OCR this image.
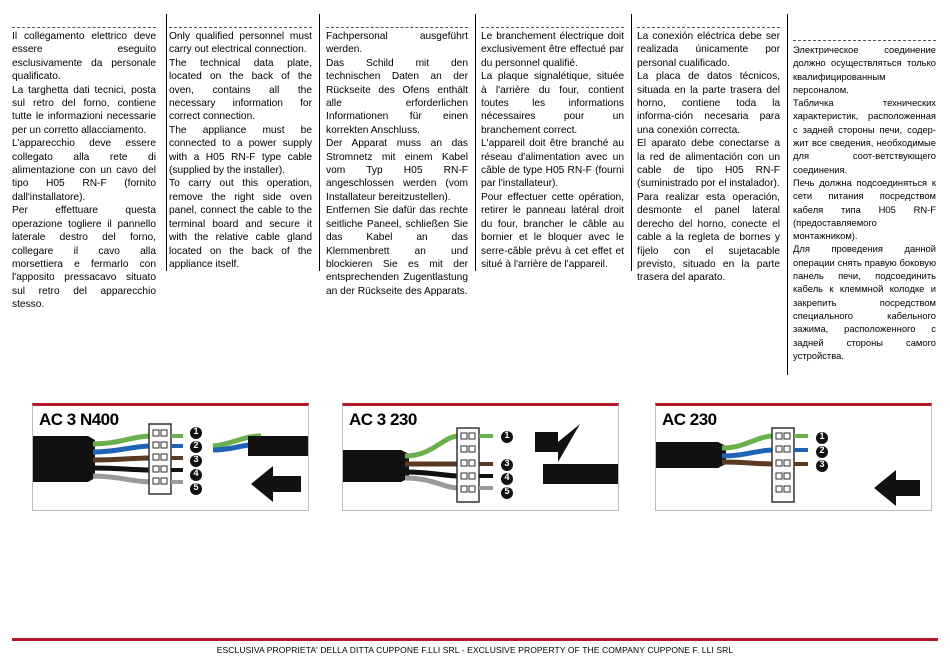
Il collegamento elettrico deve essere eseguito esclusivamente da personale qualificato.

La targhetta dati tecnici, posta sul retro del forno, contiene tutte le informazioni necessarie per un corretto allacciamento.

L’apparecchio deve essere collegato alla rete di alimentazione con un cavo del tipo H05 RN-F (fornito dall'installatore).

Per effettuare questa operazione togliere il pannello laterale destro del forno, collegare il cavo alla morsettiera e fermarlo con l'apposito pressacavo situato sul retro del apparecchio stesso.

Only qualified personnel must carry out electrical connection.

The technical data plate, located on the back of the oven, contains all the necessary information for correct connection.

The appliance must be connected to a power supply with a H05 RN-F type cable (supplied by the installer).

To carry out this operation, remove the right side oven panel, connect the cable to the terminal board and secure it with the relative cable gland located on the back of the appliance itself.

Fachpersonal ausgeführt werden.

Das Schild mit den technischen Daten an der Rückseite des Ofens enthält alle erforderlichen Informationen für einen korrekten Anschluss.

Der Apparat muss an das Stromnetz mit einem Kabel vom Typ H05 RN-F angeschlossen werden (vom Installateur bereitzustellen).

Entfernen Sie dafür das rechte seitliche Paneel, schließen Sie das Kabel an das Klemmenbrett an und blockieren Sie es mit der entsprechenden Zugentlastung an der Rückseite des Apparats.

Le branchement électrique doit exclusivement être effectué par du personnel qualifié.

La plaque signalétique, située à l'arrière du four, contient toutes les informations nécessaires pour un branchement correct.

L'appareil doit être branché au réseau d'alimentation avec un câble de type H05 RN-F (fourni par l'installateur).

Pour effectuer cette opération, retirer le panneau latéral droit du four, brancher le câble au bornier et le bloquer avec le serre-câble prévu à cet effet et situé à l'arrière de l'appareil.

La conexión eléctrica debe ser realizada únicamente por personal cualificado.

La placa de datos técnicos, situada en la parte trasera del horno, contiene toda la informa-ción necesaria para una conexión correcta.

El aparato debe conectarse a la red de alimentación con un cable de tipo H05 RN-F (suministrado por el instalador).

Para realizar esta operación, desmonte el panel lateral derecho del horno, conecte el cable a la regleta de bornes y fíjelo con el sujetacable previsto, situado en la parte trasera del aparato.

Электрическое соединение должно осуществляться только квалифицированным персоналом.

Табличка технических характеристик, расположенная с задней стороны печи, содер-жит все сведения, необходимые для соот-ветствующего соединения.

Печь должна подсоединяться к сети питания посредством кабеля типа H05 RN-F (предоставляемого монтажником).

Для проведения данной операции снять правую боковую панель печи, подсоединить кабель к клеммной колодке и закрепить посредством специального кабельного зажима, расположенного с задней стороны самого устройства.

AC 3 N400
1
2
3
4
5
AC 3 230
1
3
4
5
AC 230
1
2
3
ESCLUSIVA PROPRIETA' DELLA DITTA CUPPONE F.LLI SRL - EXCLUSIVE PROPERTY OF THE COMPANY CUPPONE F. LLI SRL
